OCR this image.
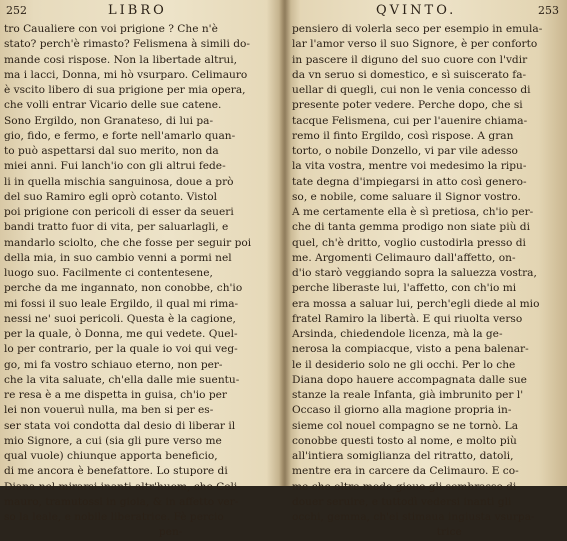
252	LIBRO
tro Caualiere con voi prigione ? Che n'è
stato? perch'è rimasto? Felismena à simili do-
mande cosi rispose. Non la libertade altrui,
ma i lacci, Donna, mi hò vsurparo. Celimauro
è vscito libero di sua prigione per mia opera,
che volli entrar Vicario delle sue catene.
Sono Ergildo, non Granateso, di lui pa-
gio, fido, e fermo, e forte nell'amarlo quan-
to può aspettarsi dal suo merito, non da
miei anni. Fui lanch'io con gli altrui fede-
li in quella mischia sanguinosa, doue a prò
del suo Ramiro egli oprò cotanto. Vistol
poi prigione con pericoli di esser da seueri
bandi tratto fuor di vita, per saluarlagli, e
mandarlo sciolto, che che fosse per seguir poi
della mia, in suo cambio venni a pormi nel
luogo suo. Facilmente ci contentesene,
perche da me ingannato, non conobbe, ch'io
mi fossi il suo leale Ergildo, il qual mi rima-
nessi ne' suoi pericoli. Questa è la cagione,
per la quale, ò Donna, me qui vedete. Quel-
lo per contrario, per la quale io voi qui veg-
go, mi fa vostro schiauo eterno, non per-
che la vita saluate, ch'ella dalle mie suentu-
re resa è a me dispetta in guisa, ch'io per
lei non voueruì nulla, ma ben si per es-
ser stata voi condotta dal desio di liberar il
mio Signore, a cui (sia gli pure verso me
qual vuole) chiunque apporta beneficio,
di me ancora è benefattore. Lo stupore di
Diana nel mirarsi inanti altr'huom, che Celi-
mauro, tramutossi in gioia, & in affetto ver-
so la leale, e nobile liberatrice. Fè percio
pen-
QVINTO.	253
pensiero di volerla seco per esempio in emula-
lar l'amor verso il suo Signore, è per conforto
in pascere il diguno del suo cuore con l'vdir
da vn seruo si domestico, e sì suiscerato fa-
uellar di quegli, cui non le venia concesso di
presente poter vedere. Perche dopo, che si
tacque Felismena, cui per l'auenire chiama-
remo il finto Ergildo, così rispose. A gran
torto, o nobile Donzello, vi par vile adesso
la vita vostra, mentre voi medesimo la ripu-
tate degna d'impiegarsi in atto così genero-
so, e nobile, come saluare il Signor vostro.
A me certamente ella è sì pretiosa, ch'io per-
che di tanta gemma prodigo non siate più di
quel, ch'è dritto, voglio custodirla presso di
me. Argomenti Celimauro dall'affetto, on-
d'io starò veggiando sopra la saluezza vostra,
perche liberaste lui, l'affetto, con ch'io mi
era mossa a saluar lui, perch'egli diede al mio
fratel Ramiro la libertà. E qui riuolta verso
Arsinda, chiedendole licenza, mà la ge-
nerosa la compiacque, visto a pena balenar-
le il desiderio solo ne gli occhi. Per lo che
Diana dopo hauere accompagnata dalle sue
stanze la reale Infanta, già imbrunito per l'
Occaso il giorno alla magione propria in-
sieme col nouel compagno se ne tornò. La
conobbe questi tosto al nome, e molto più
all'intiera somiglianza del ritratto, datoli,
mentre era in carcere da Celimauro. E co-
me che oltre modo gioue gli sembrasse di
douer seruire, e tuttodì vedersi inanti gli
occhi, gemma, ch'ei stimaua ingiusta vsurpa-
trice
